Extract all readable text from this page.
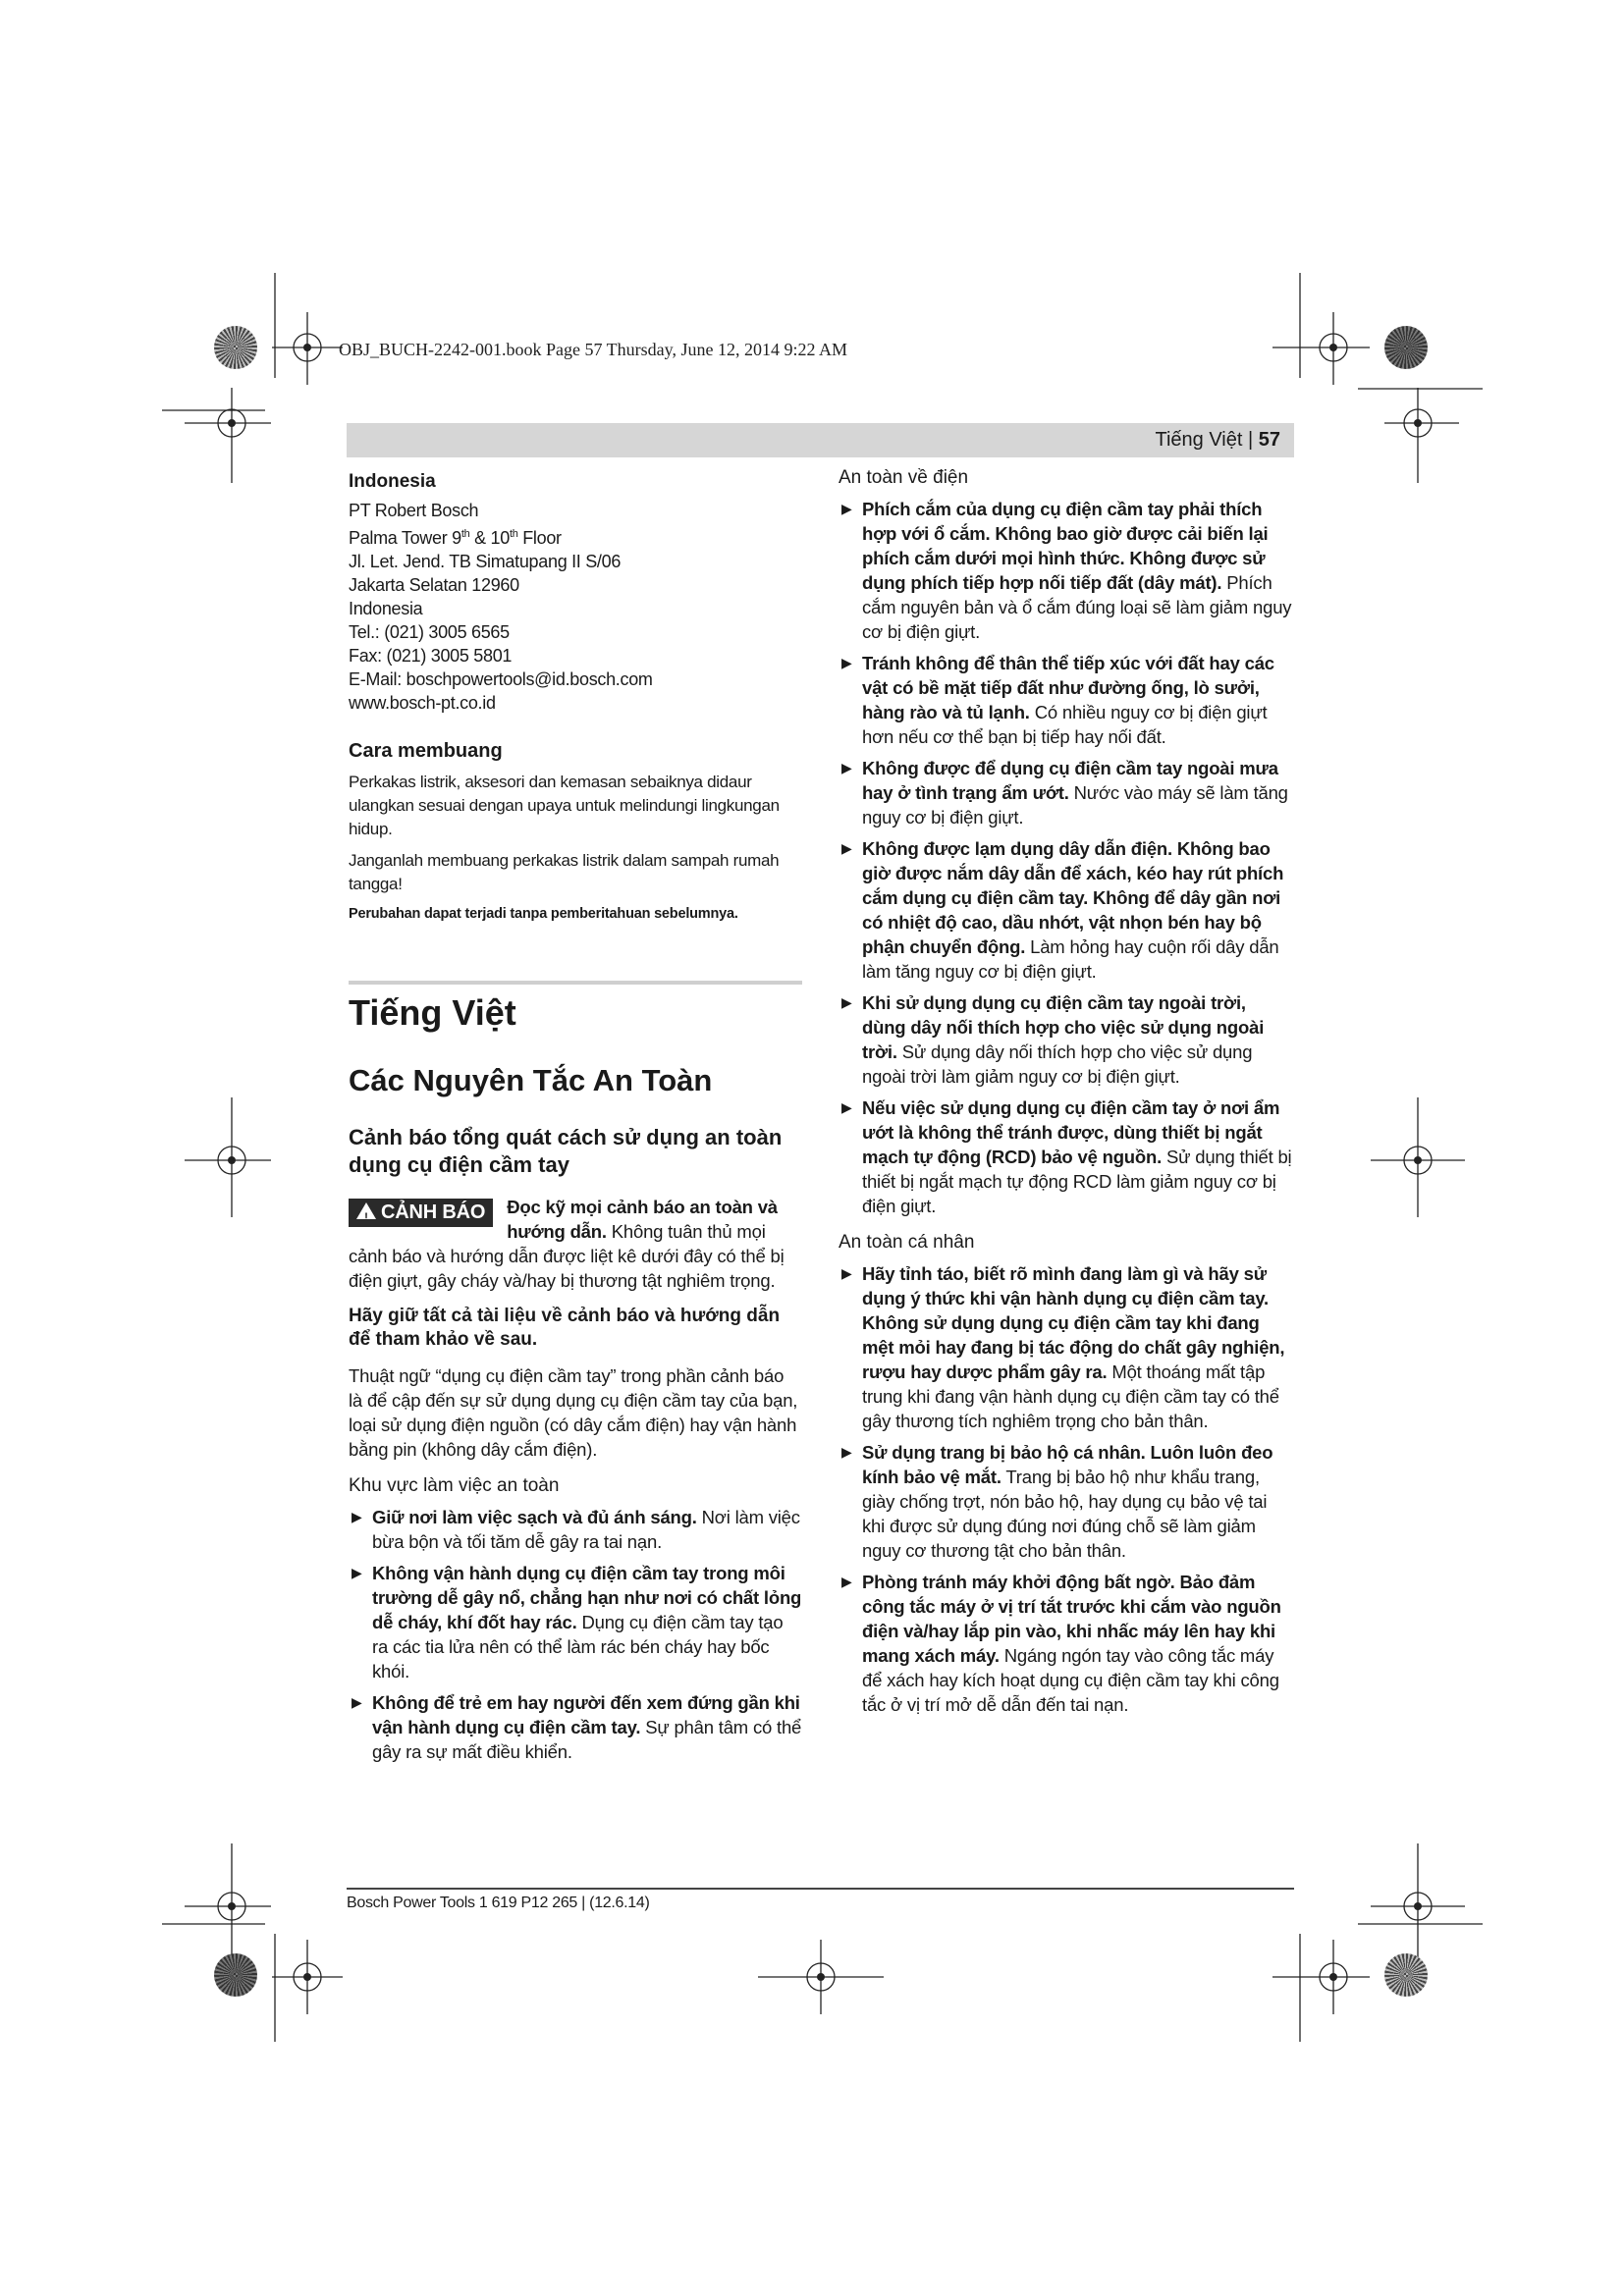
OBJ_BUCH-2242-001.book Page 57 Thursday, June 12, 2014 9:22 AM
Tiếng Việt | 57

Indonesia

PT Robert Bosch

Palma Tower 9th & 10th Floor

Jl. Let. Jend. TB Simatupang II S/06

Jakarta Selatan 12960

Indonesia

Tel.: (021) 3005 6565

Fax: (021) 3005 5801

E-Mail: boschpowertools@id.bosch.com

www.bosch-pt.co.id

Cara membuang

Perkakas listrik, aksesori dan kemasan sebaiknya didaur ulangkan sesuai dengan upaya untuk melindungi lingkungan hidup.

Janganlah membuang perkakas listrik dalam sampah rumah tangga!

Perubahan dapat terjadi tanpa pemberitahuan sebelumnya.

Tiếng Việt
Các Nguyên Tắc An Toàn
Cảnh báo tổng quát cách sử dụng an toàn dụng cụ điện cầm tay
! CẢNH BÁO	Đọc kỹ mọi cảnh báo an toàn và hướng dẫn. Không tuân thủ mọi cảnh báo và hướng dẫn được liệt kê dưới đây có thể bị điện giựt, gây cháy và/hay bị thương tật nghiêm trọng.

Hãy giữ tất cả tài liệu về cảnh báo và hướng dẫn để tham khảo về sau.

Thuật ngữ “dụng cụ điện cầm tay” trong phần cảnh báo là để cập đến sự sử dụng dụng cụ điện cầm tay của bạn, loại sử dụng điện nguồn (có dây cắm điện) hay vận hành bằng pin (không dây cắm điện).

Khu vực làm việc an toàn

▶ Giữ nơi làm việc sạch và đủ ánh sáng. Nơi làm việc bừa bộn và tối tăm dễ gây ra tai nạn.
▶ Không vận hành dụng cụ điện cầm tay trong môi trường dễ gây nổ, chẳng hạn như nơi có chất lỏng dễ cháy, khí đốt hay rác. Dụng cụ điện cầm tay tạo ra các tia lửa nên có thể làm rác bén cháy hay bốc khói.
▶ Không để trẻ em hay người đến xem đứng gần khi vận hành dụng cụ điện cầm tay. Sự phân tâm có thể gây ra sự mất điều khiển.

An toàn về điện

▶ Phích cắm của dụng cụ điện cầm tay phải thích hợp với ổ cắm. Không bao giờ được cải biến lại phích cắm dưới mọi hình thức. Không được sử dụng phích tiếp hợp nối tiếp đất (dây mát). Phích cắm nguyên bản và ổ cắm đúng loại sẽ làm giảm nguy cơ bị điện giựt.
▶ Tránh không để thân thể tiếp xúc với đất hay các vật có bề mặt tiếp đất như đường ống, lò sưởi, hàng rào và tủ lạnh. Có nhiều nguy cơ bị điện giựt hơn nếu cơ thể bạn bị tiếp hay nối đất.
▶ Không được để dụng cụ điện cầm tay ngoài mưa hay ở tình trạng ẩm ướt. Nước vào máy sẽ làm tăng nguy cơ bị điện giựt.
▶ Không được lạm dụng dây dẫn điện. Không bao giờ được nắm dây dẫn để xách, kéo hay rút phích cắm dụng cụ điện cầm tay. Không để dây gần nơi có nhiệt độ cao, dầu nhớt, vật nhọn bén hay bộ phận chuyển động. Làm hỏng hay cuộn rối dây dẫn làm tăng nguy cơ bị điện giựt.
▶ Khi sử dụng dụng cụ điện cầm tay ngoài trời, dùng dây nối thích hợp cho việc sử dụng ngoài trời. Sử dụng dây nối thích hợp cho việc sử dụng ngoài trời làm giảm nguy cơ bị điện giựt.
▶ Nếu việc sử dụng dụng cụ điện cầm tay ở nơi ẩm ướt là không thể tránh được, dùng thiết bị ngắt mạch tự động (RCD) bảo vệ nguồn. Sử dụng thiết bị thiết bị ngắt mạch tự động RCD làm giảm nguy cơ bị điện giựt.

An toàn cá nhân

▶ Hãy tỉnh táo, biết rõ mình đang làm gì và hãy sử dụng ý thức khi vận hành dụng cụ điện cầm tay. Không sử dụng dụng cụ điện cầm tay khi đang mệt mỏi hay đang bị tác động do chất gây nghiện, rượu hay dược phẩm gây ra. Một thoáng mất tập trung khi đang vận hành dụng cụ điện cầm tay có thể gây thương tích nghiêm trọng cho bản thân.
▶ Sử dụng trang bị bảo hộ cá nhân. Luôn luôn đeo kính bảo vệ mắt. Trang bị bảo hộ như khẩu trang, giày chống trợt, nón bảo hộ, hay dụng cụ bảo vệ tai khi được sử dụng đúng nơi đúng chỗ sẽ làm giảm nguy cơ thương tật cho bản thân.
▶ Phòng tránh máy khởi động bất ngờ. Bảo đảm công tắc máy ở vị trí tắt trước khi cắm vào nguồn điện và/hay lắp pin vào, khi nhấc máy lên hay khi mang xách máy. Ngáng ngón tay vào công tắc máy để xách hay kích hoạt dụng cụ điện cầm tay khi công tắc ở vị trí mở dễ dẫn đến tai nạn.
Bosch Power Tools 1 619 P12 265 | (12.6.14)
